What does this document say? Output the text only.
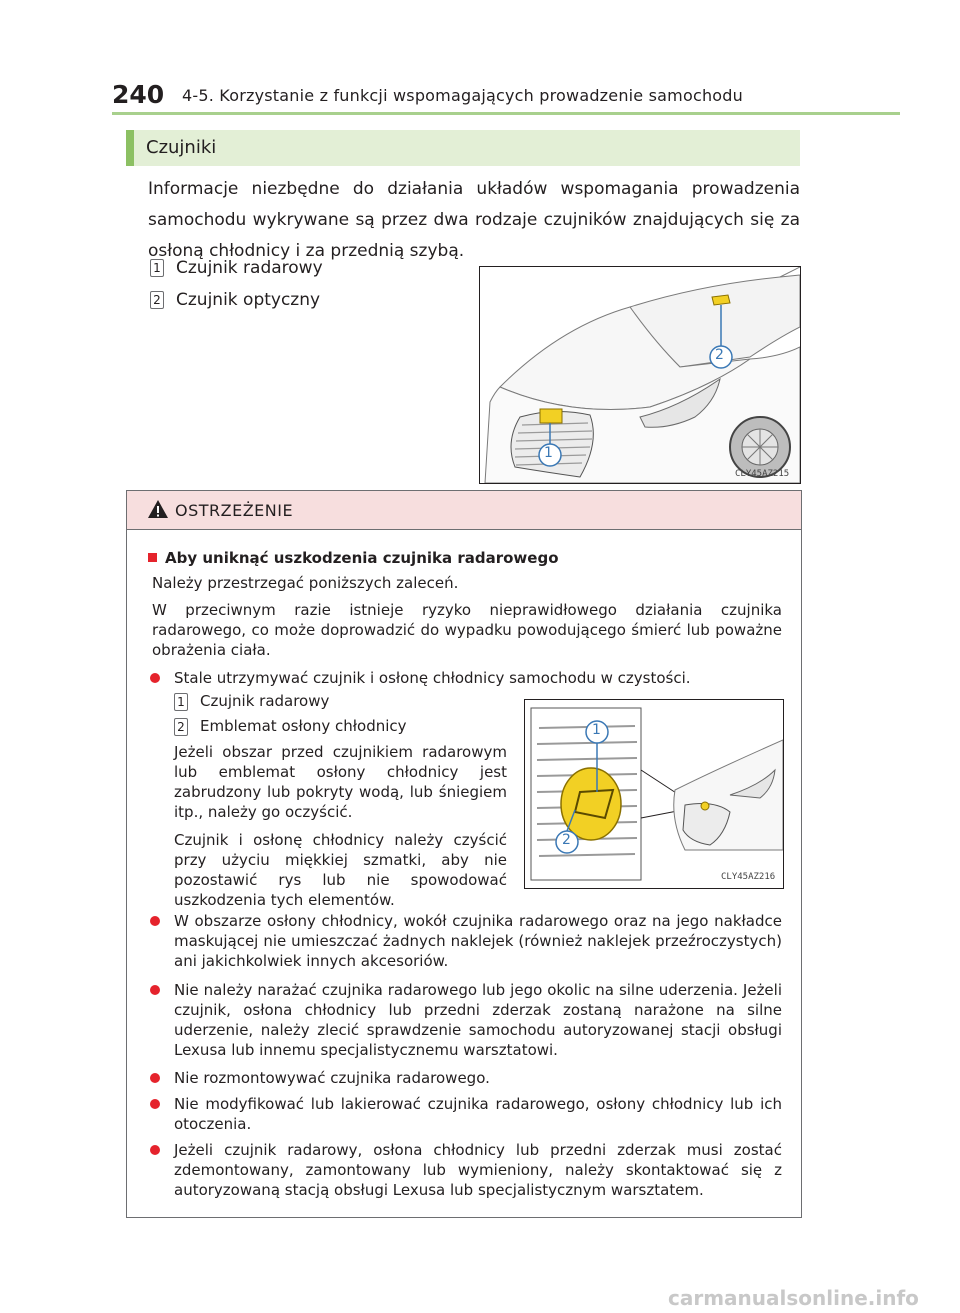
240 4-5. Korzystanie z funkcji wspomagających prowadzenie samochodu
Czujniki
Informacje niezbędne do działania układów wspomagania prowadzenia samochodu wykrywane są przez dwa rodzaje czujników znajdujących się za osłoną chłodnicy i za przednią szybą.
1 Czujnik radarowy
2 Czujnik optyczny
1
2
CLY45AZ215
OSTRZEŻENIE
Aby uniknąć uszkodzenia czujnika radarowego
Należy przestrzegać poniższych zaleceń.
W przeciwnym razie istnieje ryzyko nieprawidłowego działania czujnika radarowego, co może doprowadzić do wypadku powodującego śmierć lub poważne obrażenia ciała.
Stale utrzymywać czujnik i osłonę chłodnicy samochodu w czystości.
1 Czujnik radarowy
2 Emblemat osłony chłodnicy
Jeżeli obszar przed czujnikiem radarowym lub emblemat osłony chłodnicy jest zabrudzony lub pokryty wodą, lub śniegiem itp., należy go oczyścić.
Czujnik i osłonę chłodnicy należy czyścić przy użyciu miękkiej szmatki, aby nie pozostawić rys lub nie spowodować uszkodzenia tych elementów.
1
2
CLY45AZ216
W obszarze osłony chłodnicy, wokół czujnika radarowego oraz na jego nakładce maskującej nie umieszczać żadnych naklejek (również naklejek przeźroczystych) ani jakichkolwiek innych akcesoriów.
Nie należy narażać czujnika radarowego lub jego okolic na silne uderzenia. Jeżeli czujnik, osłona chłodnicy lub przedni zderzak zostaną narażone na silne uderzenie, należy zlecić sprawdzenie samochodu autoryzowanej stacji obsługi Lexusa lub innemu specjalistycznemu warsztatowi.
Nie rozmontowywać czujnika radarowego.
Nie modyfikować lub lakierować czujnika radarowego, osłony chłodnicy lub ich otoczenia.
Jeżeli czujnik radarowy, osłona chłodnicy lub przedni zderzak musi zostać zdemontowany, zamontowany lub wymieniony, należy skontaktować się z autoryzowaną stacją obsługi Lexusa lub specjalistycznym warsztatem.
carmanualsonline.info
